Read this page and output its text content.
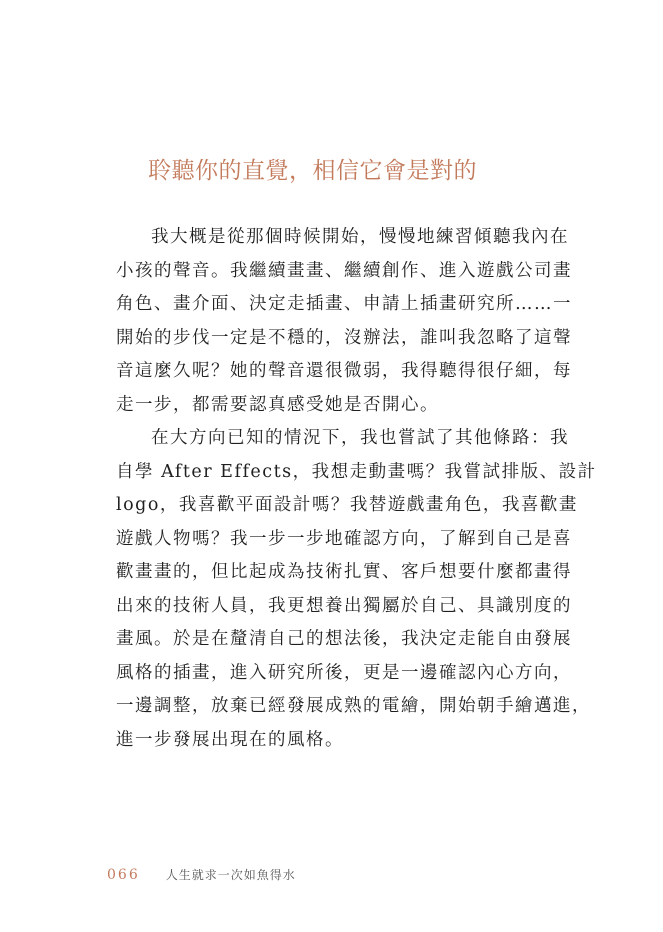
聆聽你的直覺，相信它會是對的
我大概是從那個時候開始，慢慢地練習傾聽我內在
小孩的聲音。我繼續畫畫、繼續創作、進入遊戲公司畫
角色、畫介面、決定走插畫、申請上插畫研究所……一
開始的步伐一定是不穩的，沒辦法，誰叫我忽略了這聲
音這麼久呢？她的聲音還很微弱，我得聽得很仔細，每
走一步，都需要認真感受她是否開心。
在大方向已知的情況下，我也嘗試了其他條路：我
自學 After Effects，我想走動畫嗎？我嘗試排版、設計
logo，我喜歡平面設計嗎？我替遊戲畫角色，我喜歡畫
遊戲人物嗎？我一步一步地確認方向，了解到自己是喜
歡畫畫的，但比起成為技術扎實、客戶想要什麼都畫得
出來的技術人員，我更想養出獨屬於自己、具識別度的
畫風。於是在釐清自己的想法後，我決定走能自由發展
風格的插畫，進入研究所後，更是一邊確認內心方向，
一邊調整，放棄已經發展成熟的電繪，開始朝手繪邁進，
進一步發展出現在的風格。
066 人生就求一次如魚得水
